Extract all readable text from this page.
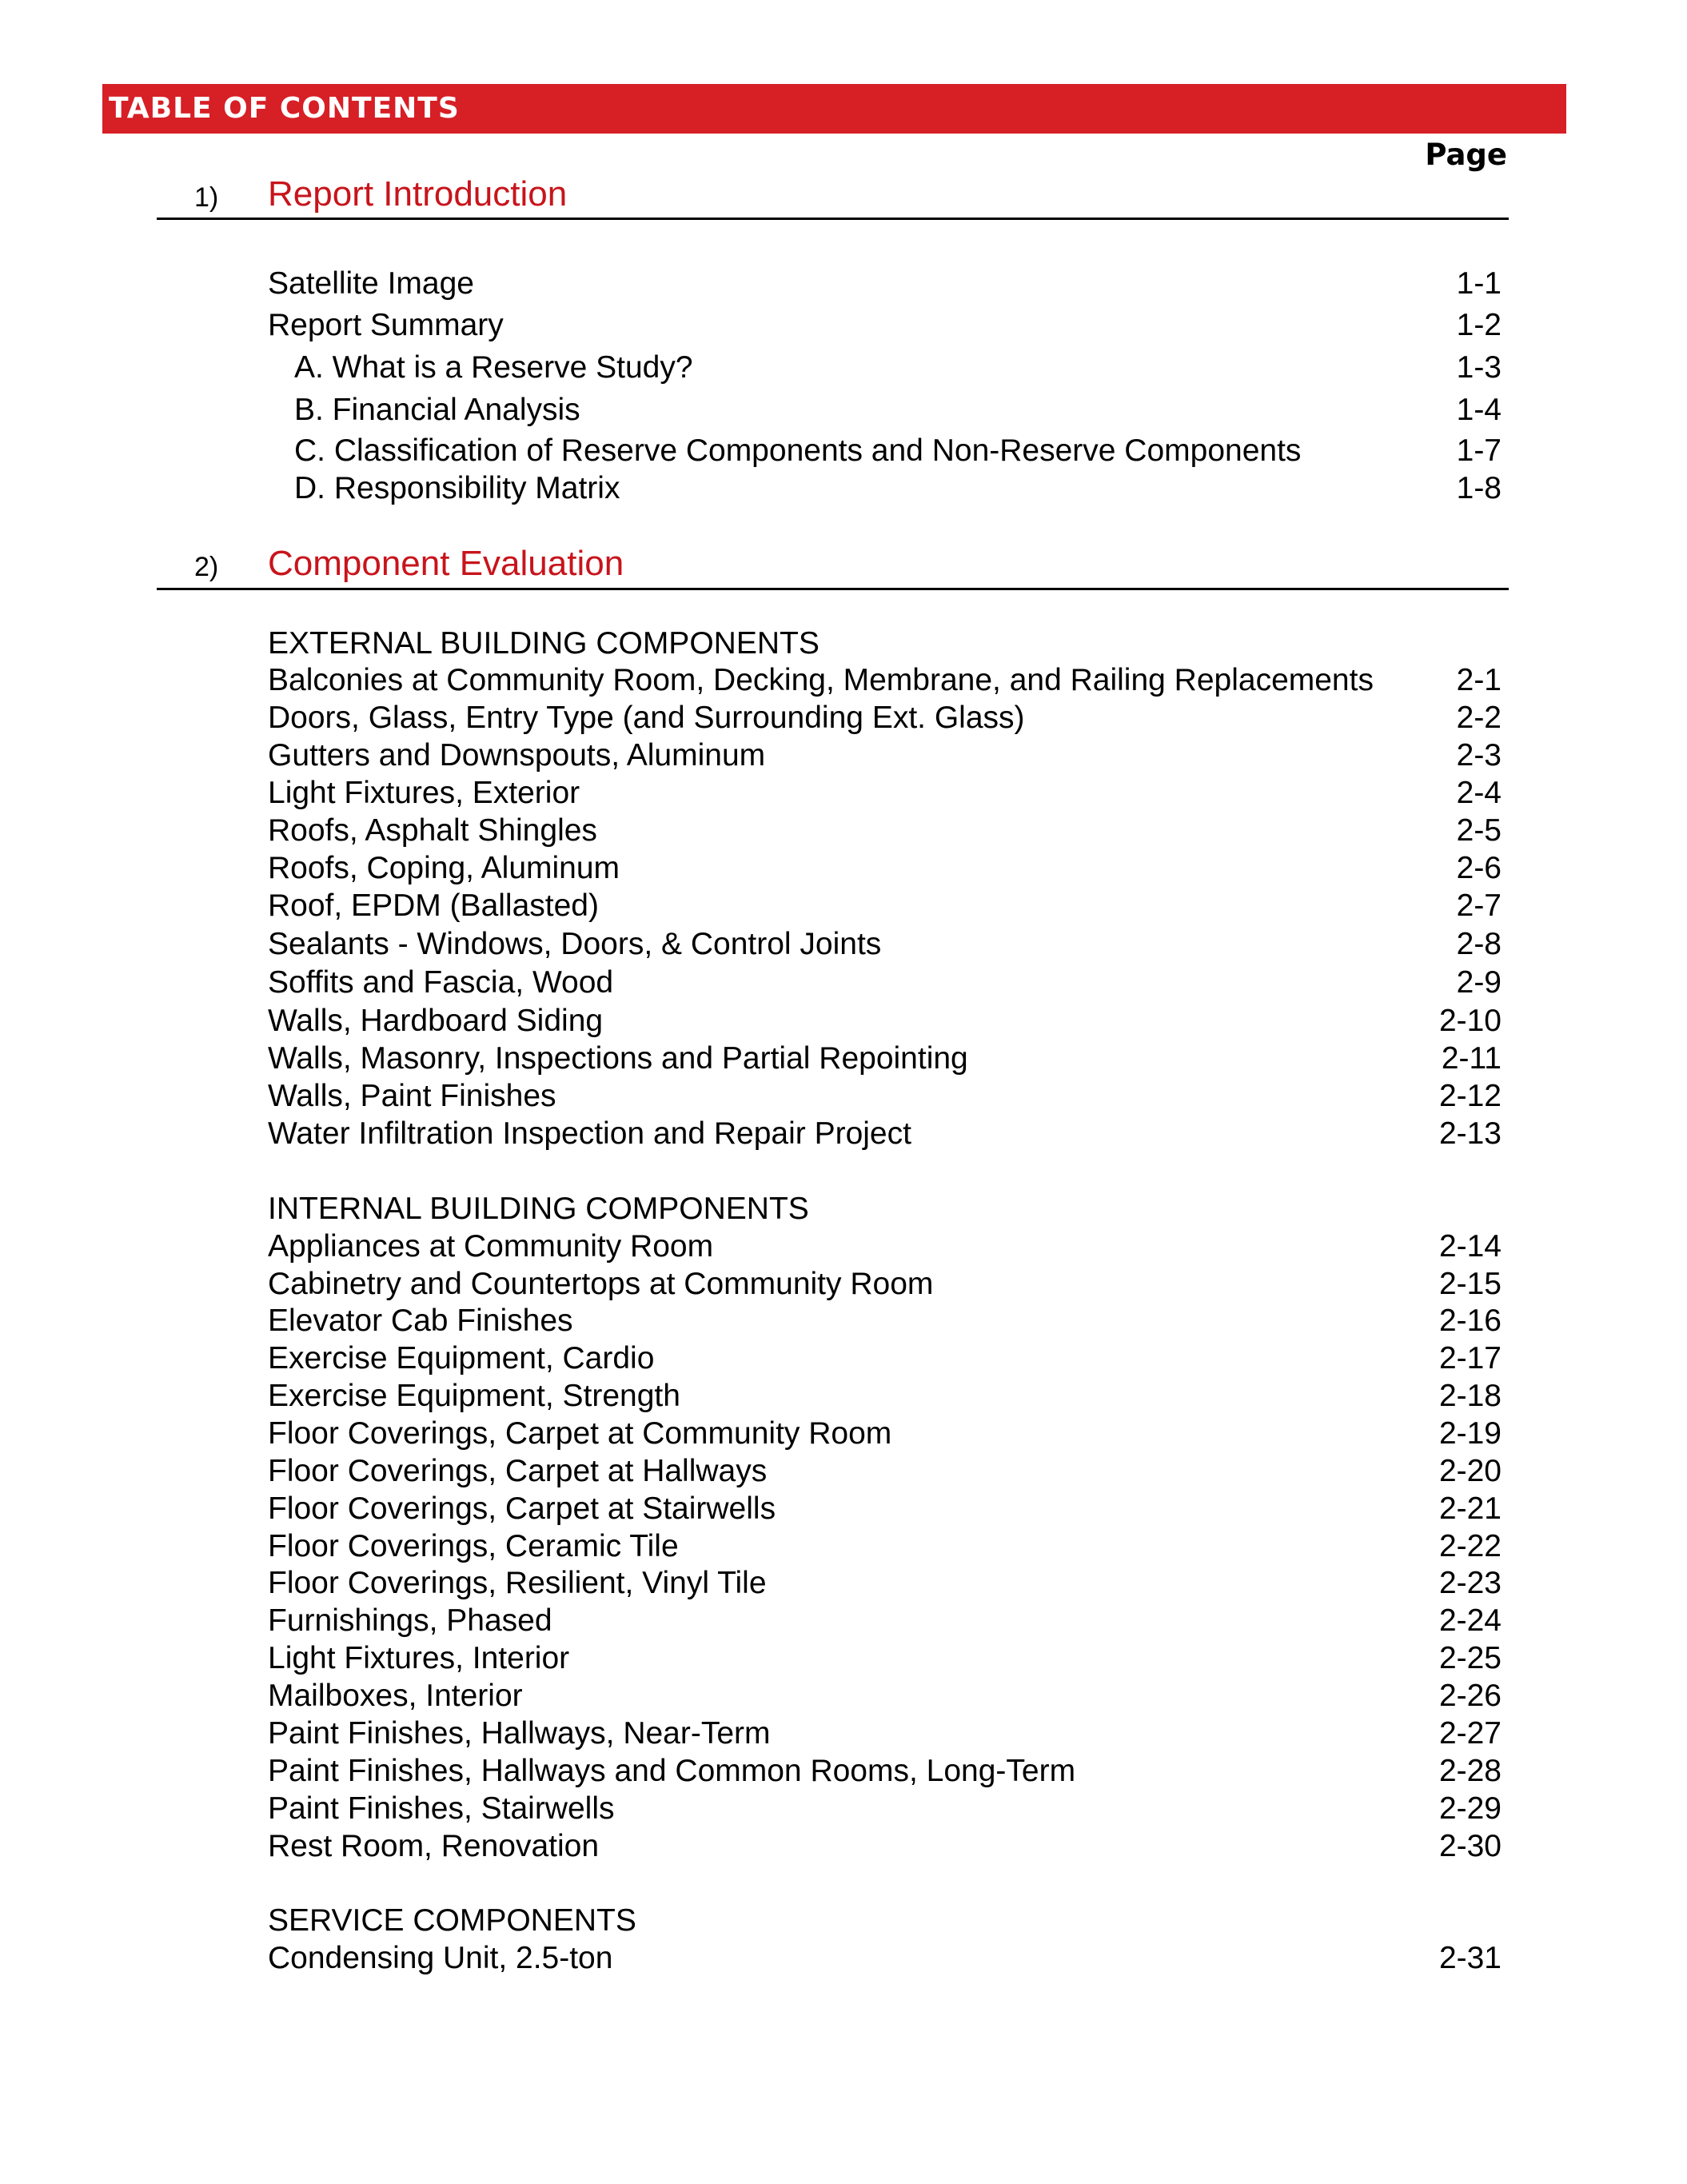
TABLE OF CONTENTS
Page
1) Report Introduction
Satellite Image	1-1
Report Summary	1-2
A. What is a Reserve Study?	1-3
B. Financial Analysis	1-4
C. Classification of Reserve Components and Non-Reserve Components	1-7
D. Responsibility Matrix	1-8
2) Component Evaluation
EXTERNAL BUILDING COMPONENTS
Balconies at Community Room, Decking, Membrane, and Railing Replacements	2-1
Doors, Glass, Entry Type (and Surrounding Ext. Glass)	2-2
Gutters and Downspouts, Aluminum	2-3
Light Fixtures, Exterior	2-4
Roofs, Asphalt Shingles	2-5
Roofs, Coping, Aluminum	2-6
Roof, EPDM (Ballasted)	2-7
Sealants - Windows, Doors, & Control Joints	2-8
Soffits and Fascia, Wood	2-9
Walls, Hardboard Siding	2-10
Walls, Masonry, Inspections and Partial Repointing	2-11
Walls, Paint Finishes	2-12
Water Infiltration Inspection and Repair Project	2-13
INTERNAL BUILDING COMPONENTS
Appliances at Community Room	2-14
Cabinetry and Countertops at Community Room	2-15
Elevator Cab Finishes	2-16
Exercise Equipment, Cardio	2-17
Exercise Equipment, Strength	2-18
Floor Coverings, Carpet at Community Room	2-19
Floor Coverings, Carpet at Hallways	2-20
Floor Coverings, Carpet at Stairwells	2-21
Floor Coverings, Ceramic Tile	2-22
Floor Coverings, Resilient, Vinyl Tile	2-23
Furnishings, Phased	2-24
Light Fixtures, Interior	2-25
Mailboxes, Interior	2-26
Paint Finishes, Hallways, Near-Term	2-27
Paint Finishes, Hallways and Common Rooms, Long-Term	2-28
Paint Finishes, Stairwells	2-29
Rest Room, Renovation	2-30
SERVICE COMPONENTS
Condensing Unit, 2.5-ton	2-31
